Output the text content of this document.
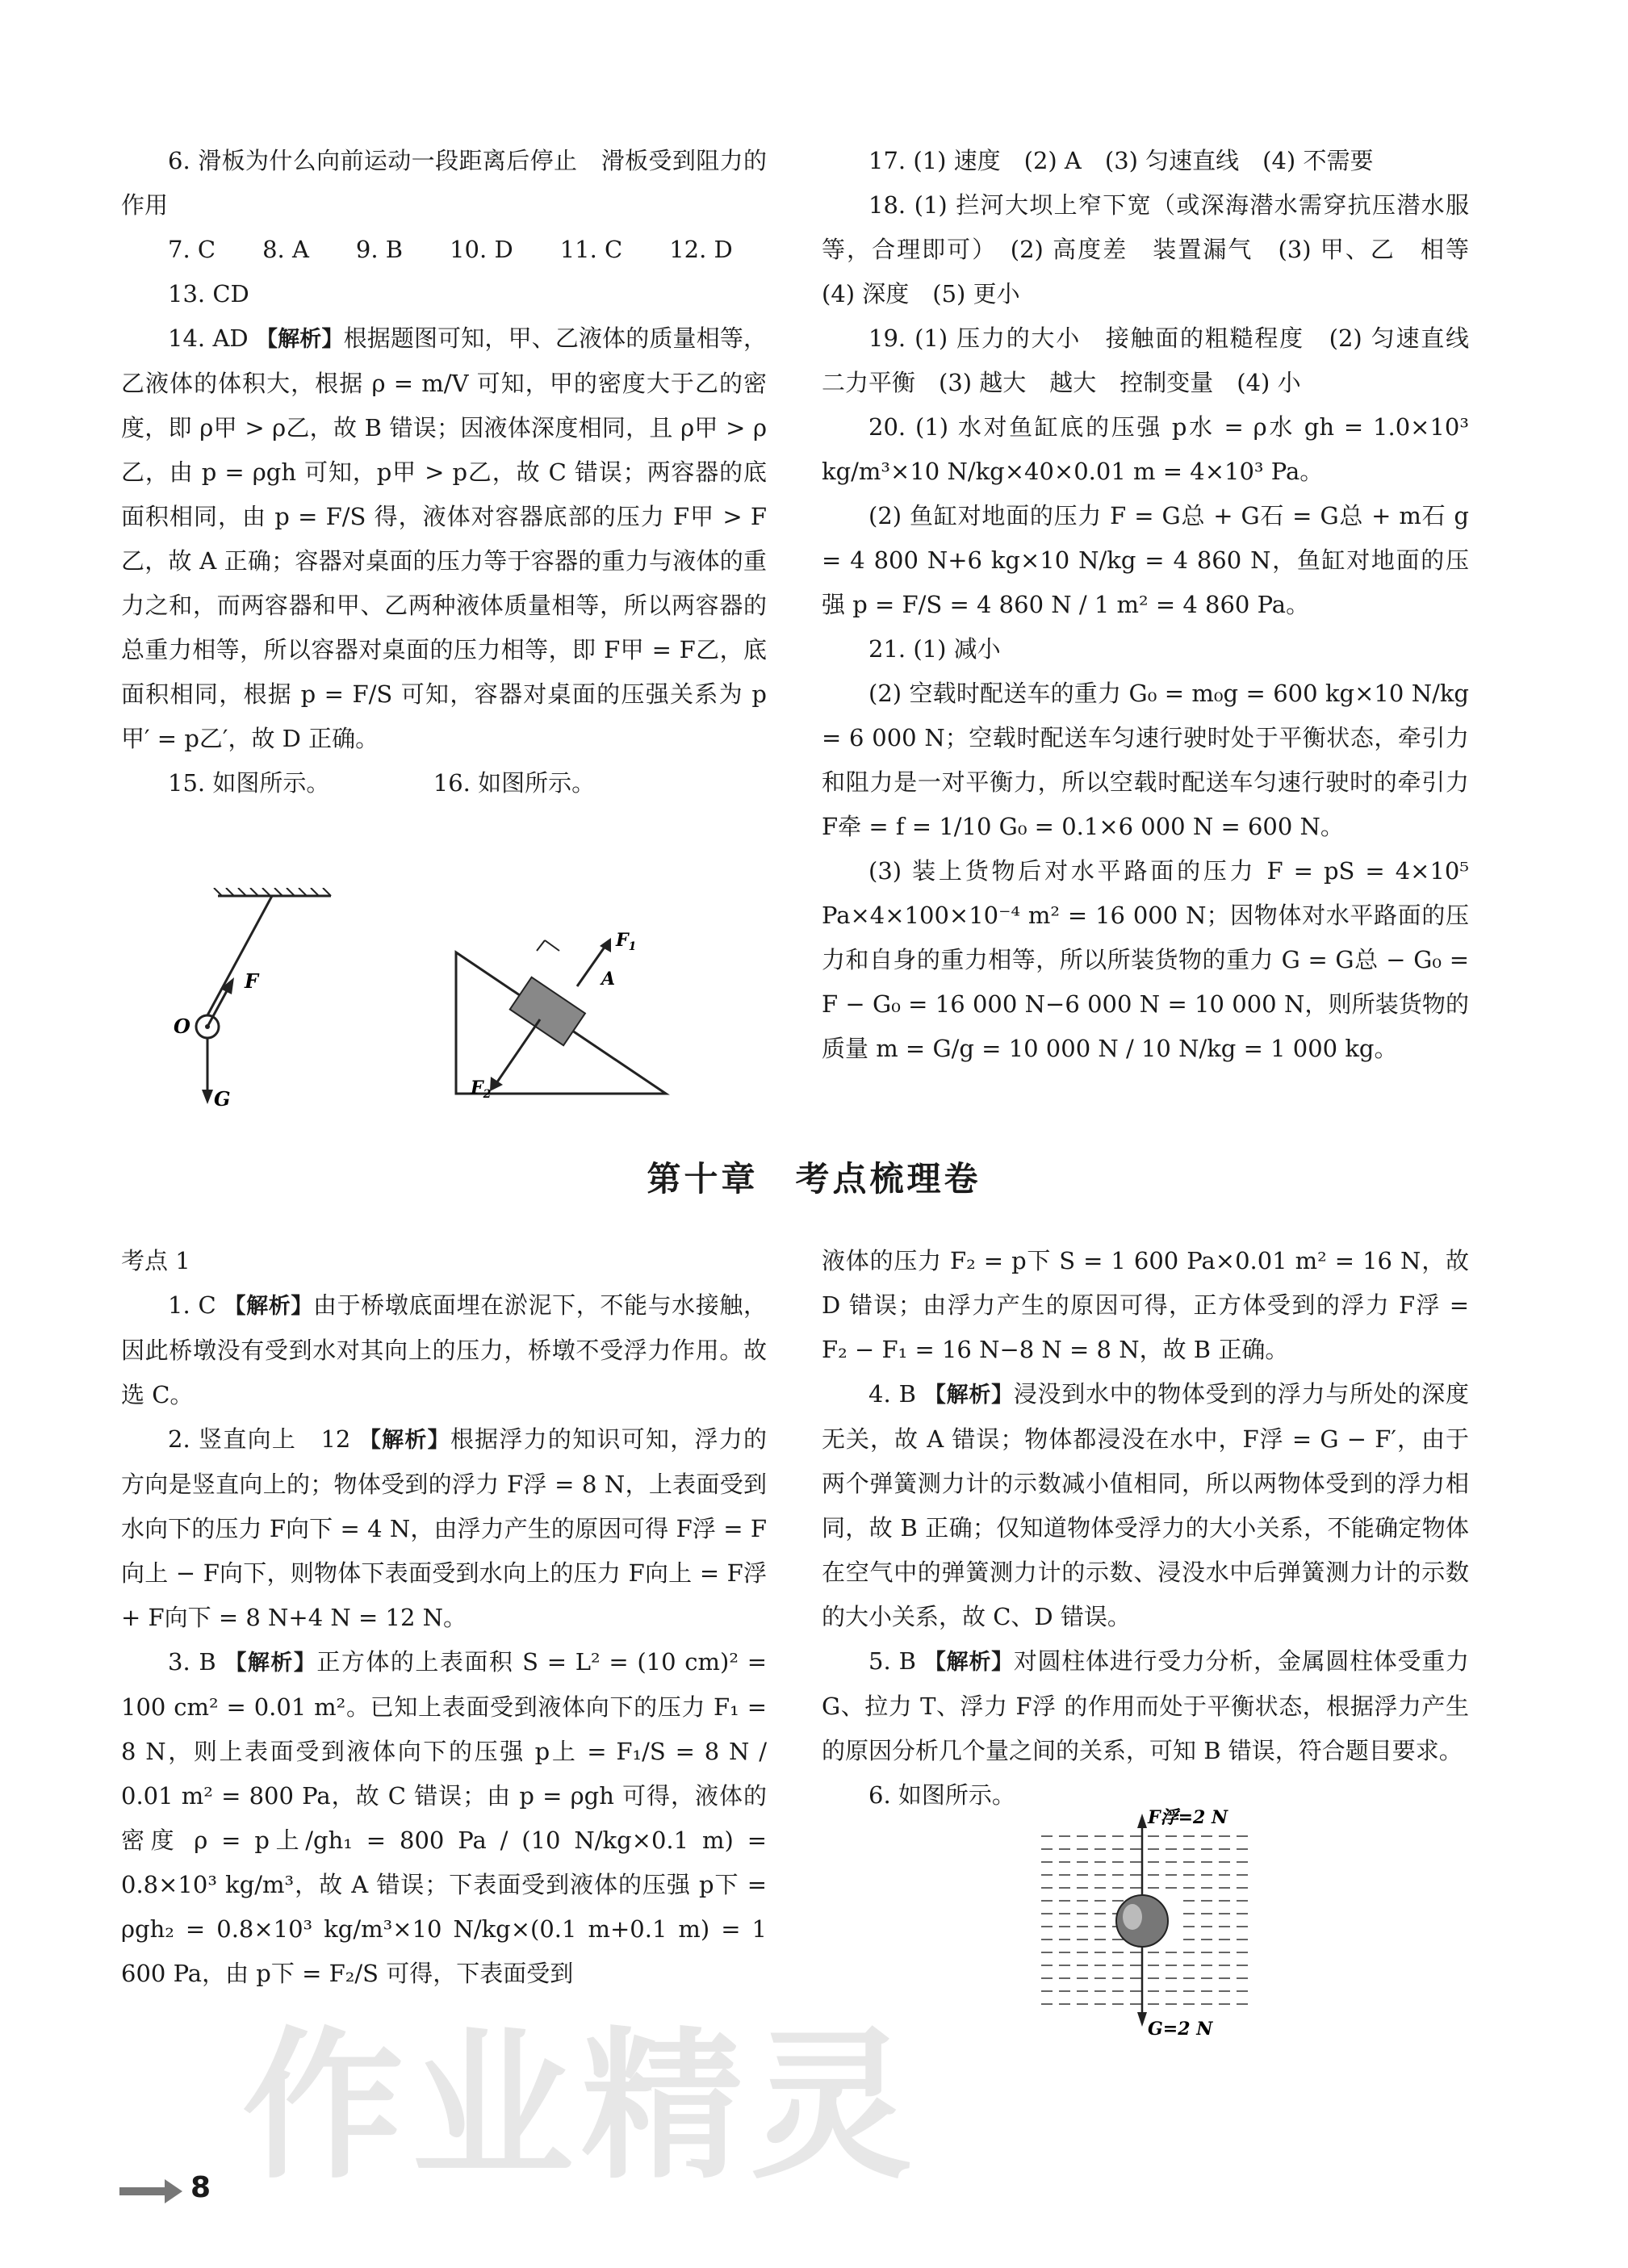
6. 滑板为什么向前运动一段距离后停止　滑板受到阻力的作用

7. C　　8. A　　9. B　　10. D　　11. C　　12. D

13. CD

14. AD 【解析】根据题图可知，甲、乙液体的质量相等，乙液体的体积大，根据 ρ = m/V 可知，甲的密度大于乙的密度，即 ρ甲 > ρ乙，故 B 错误；因液体深度相同，且 ρ甲 > ρ乙，由 p = ρgh 可知，p甲 > p乙，故 C 错误；两容器的底面积相同，由 p = F/S 得，液体对容器底部的压力 F甲 > F乙，故 A 正确；容器对桌面的压力等于容器的重力与液体的重力之和，而两容器和甲、乙两种液体质量相等，所以两容器的总重力相等，所以容器对桌面的压力相等，即 F甲 = F乙，底面积相同，根据 p = F/S 可知，容器对桌面的压强关系为 p甲′ = p乙′，故 D 正确。

15. 如图所示。	16. 如图所示。

F
O
G	$F_2$
$F_1$
A

17. (1) 速度　(2) A　(3) 匀速直线　(4) 不需要

18. (1) 拦河大坝上窄下宽（或深海潜水需穿抗压潜水服等，合理即可）　(2) 高度差　装置漏气　(3) 甲、乙　相等　(4) 深度　(5) 更小

19. (1) 压力的大小　接触面的粗糙程度　(2) 匀速直线　二力平衡　(3) 越大　越大　控制变量　(4) 小

20. (1) 水对鱼缸底的压强 p水 = ρ水 gh = 1.0×10³ kg/m³×10 N/kg×40×0.01 m = 4×10³ Pa。

(2) 鱼缸对地面的压力 F = G总 + G石 = G总 + m石 g = 4 800 N+6 kg×10 N/kg = 4 860 N，鱼缸对地面的压强 p = F/S = 4 860 N / 1 m² = 4 860 Pa。

21. (1) 减小

(2) 空载时配送车的重力 G₀ = m₀g = 600 kg×10 N/kg = 6 000 N；空载时配送车匀速行驶时处于平衡状态，牵引力和阻力是一对平衡力，所以空载时配送车匀速行驶时的牵引力 F牵 = f = 1/10 G₀ = 0.1×6 000 N = 600 N。

(3) 装上货物后对水平路面的压力 F = pS = 4×10⁵ Pa×4×100×10⁻⁴ m² = 16 000 N；因物体对水平路面的压力和自身的重力相等，所以所装货物的重力 G = G总 − G₀ = F − G₀ = 16 000 N−6 000 N = 10 000 N，则所装货物的质量 m = G/g = 10 000 N / 10 N/kg = 1 000 kg。

第十章　考点梳理卷

考点 1

1. C 【解析】由于桥墩底面埋在淤泥下，不能与水接触，因此桥墩没有受到水对其向上的压力，桥墩不受浮力作用。故选 C。

2. 竖直向上　12 【解析】根据浮力的知识可知，浮力的方向是竖直向上的；物体受到的浮力 F浮 = 8 N，上表面受到水向下的压力 F向下 = 4 N，由浮力产生的原因可得 F浮 = F向上 − F向下，则物体下表面受到水向上的压力 F向上 = F浮 + F向下 = 8 N+4 N = 12 N。

3. B 【解析】正方体的上表面积 S = L² = (10 cm)² = 100 cm² = 0.01 m²。已知上表面受到液体向下的压力 F₁ = 8 N，则上表面受到液体向下的压强 p上 = F₁/S = 8 N / 0.01 m² = 800 Pa，故 C 错误；由 p = ρgh 可得，液体的密度 ρ = p上/gh₁ = 800 Pa / (10 N/kg×0.1 m) = 0.8×10³ kg/m³，故 A 错误；下表面受到液体的压强 p下 = ρgh₂ = 0.8×10³ kg/m³×10 N/kg×(0.1 m+0.1 m) = 1 600 Pa，由 p下 = F₂/S 可得，下表面受到

液体的压力 F₂ = p下 S = 1 600 Pa×0.01 m² = 16 N，故 D 错误；由浮力产生的原因可得，正方体受到的浮力 F浮 = F₂ − F₁ = 16 N−8 N = 8 N，故 B 正确。

4. B 【解析】浸没到水中的物体受到的浮力与所处的深度无关，故 A 错误；物体都浸没在水中，F浮 = G − F′，由于两个弹簧测力计的示数减小值相同，所以两物体受到的浮力相同，故 B 正确；仅知道物体受浮力的大小关系，不能确定物体在空气中的弹簧测力计的示数、浸没水中后弹簧测力计的示数的大小关系，故 C、D 错误。

5. B 【解析】对圆柱体进行受力分析，金属圆柱体受重力 G、拉力 T、浮力 F浮 的作用而处于平衡状态，根据浮力产生的原因分析几个量之间的关系，可知 B 错误，符合题目要求。

6. 如图所示。

F浮=2 N
G=2 N
作业精灵
8
